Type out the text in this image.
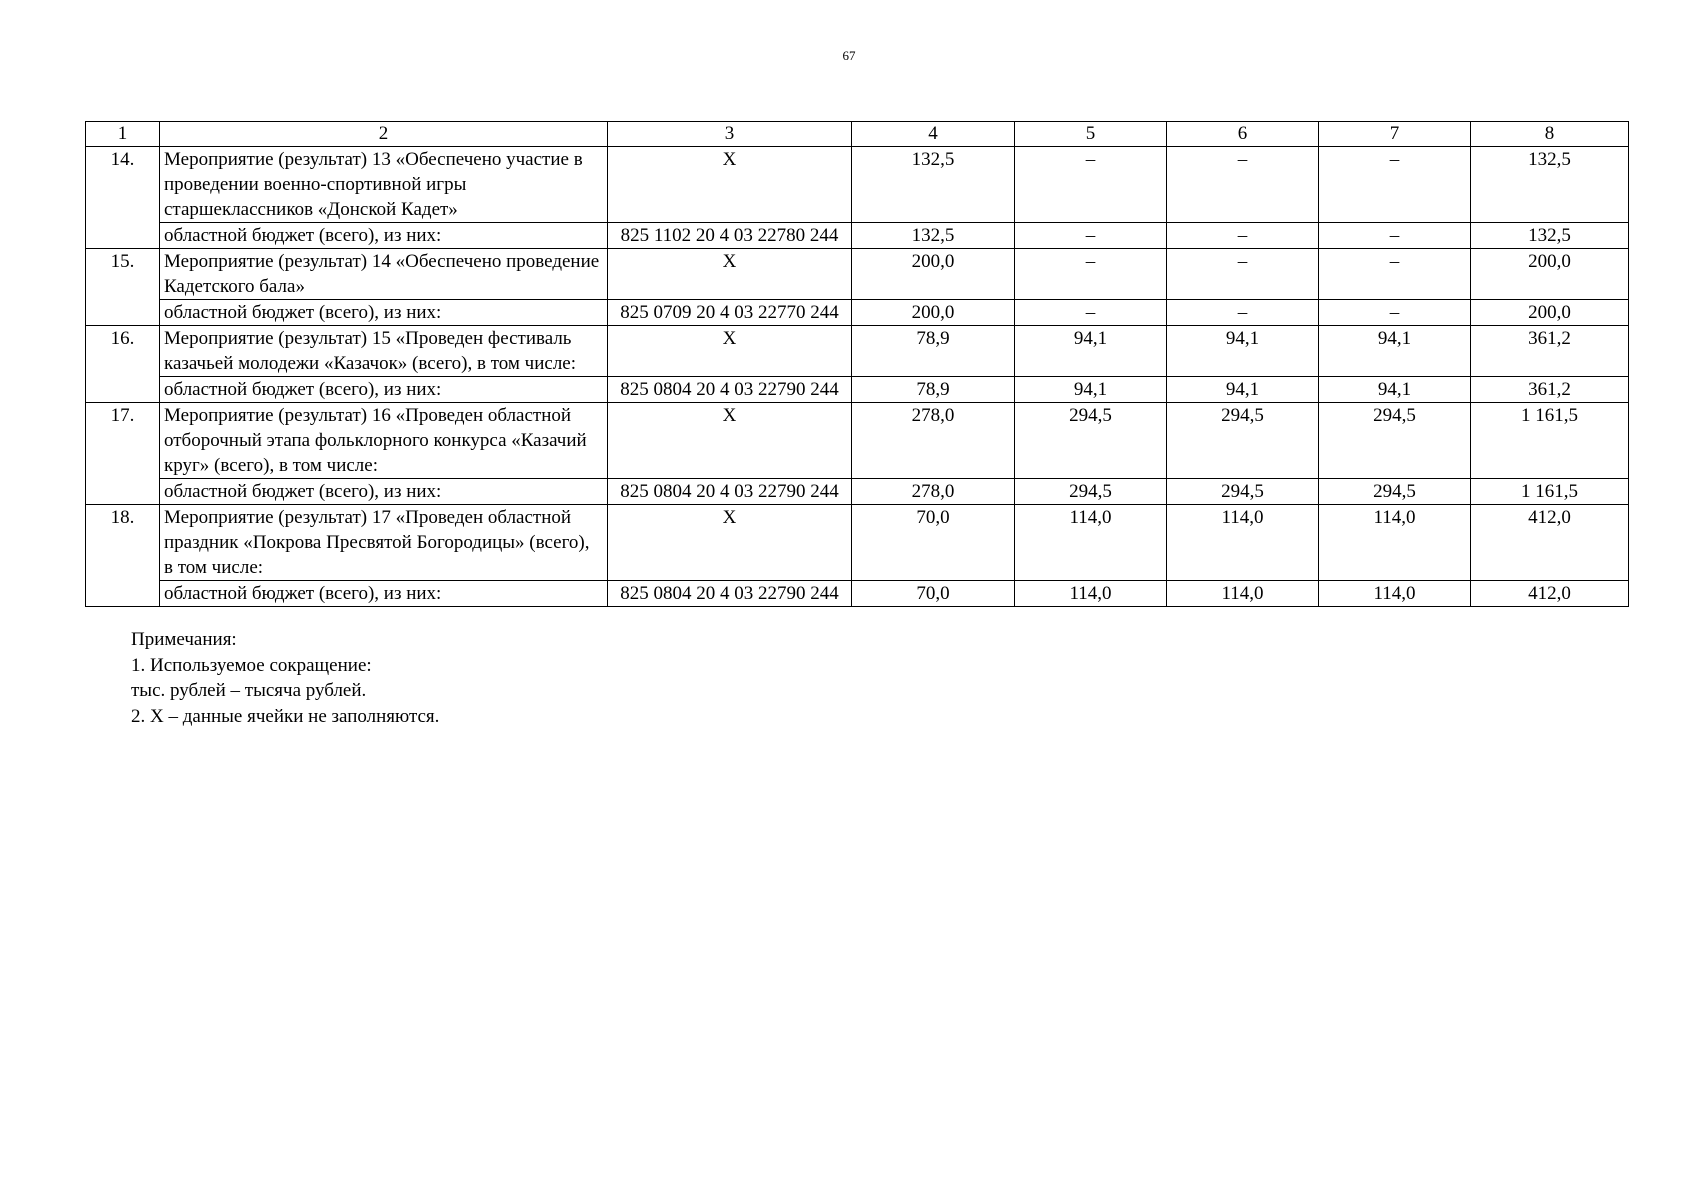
67
1	2	3	4	5	6	7	8
14.	Мероприятие (результат) 13 «Обеспечено участие в проведении военно-спортивной игры старшеклассников «Донской Кадет»	X	132,5	–	–	–	132,5
	областной бюджет (всего), из них:	825 1102 20 4 03 22780 244	132,5	–	–	–	132,5
15.	Мероприятие (результат) 14 «Обеспечено проведение Кадетского бала»	X	200,0	–	–	–	200,0
	областной бюджет (всего), из них:	825 0709 20 4 03 22770 244	200,0	–	–	–	200,0
16.	Мероприятие (результат) 15 «Проведен фестиваль казачьей молодежи «Казачок» (всего), в том числе:	X	78,9	94,1	94,1	94,1	361,2
	областной бюджет (всего), из них:	825 0804 20 4 03 22790 244	78,9	94,1	94,1	94,1	361,2
17.	Мероприятие (результат) 16 «Проведен областной отборочный этапа фольклорного конкурса «Казачий круг» (всего), в том числе:	X	278,0	294,5	294,5	294,5	1 161,5
	областной бюджет (всего), из них:	825 0804 20 4 03 22790 244	278,0	294,5	294,5	294,5	1 161,5
18.	Мероприятие (результат) 17 «Проведен областной праздник «Покрова Пресвятой Богородицы» (всего), в том числе:	X	70,0	114,0	114,0	114,0	412,0
	областной бюджет (всего), из них:	825 0804 20 4 03 22790 244	70,0	114,0	114,0	114,0	412,0
Примечания:
1. Используемое сокращение:
тыс. рублей – тысяча рублей.
2. Х – данные ячейки не заполняются.
